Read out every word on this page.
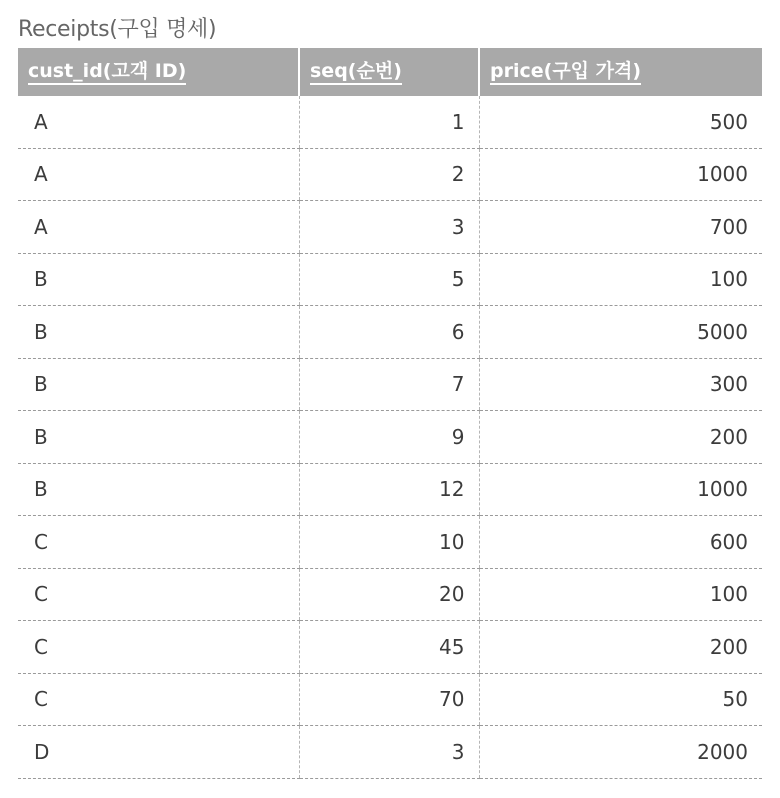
Receipts(구입 명세)
cust_id(고객 ID)	seq(순번)	price(구입 가격)
A	1	500
A	2	1000
A	3	700
B	5	100
B	6	5000
B	7	300
B	9	200
B	12	1000
C	10	600
C	20	100
C	45	200
C	70	50
D	3	2000
